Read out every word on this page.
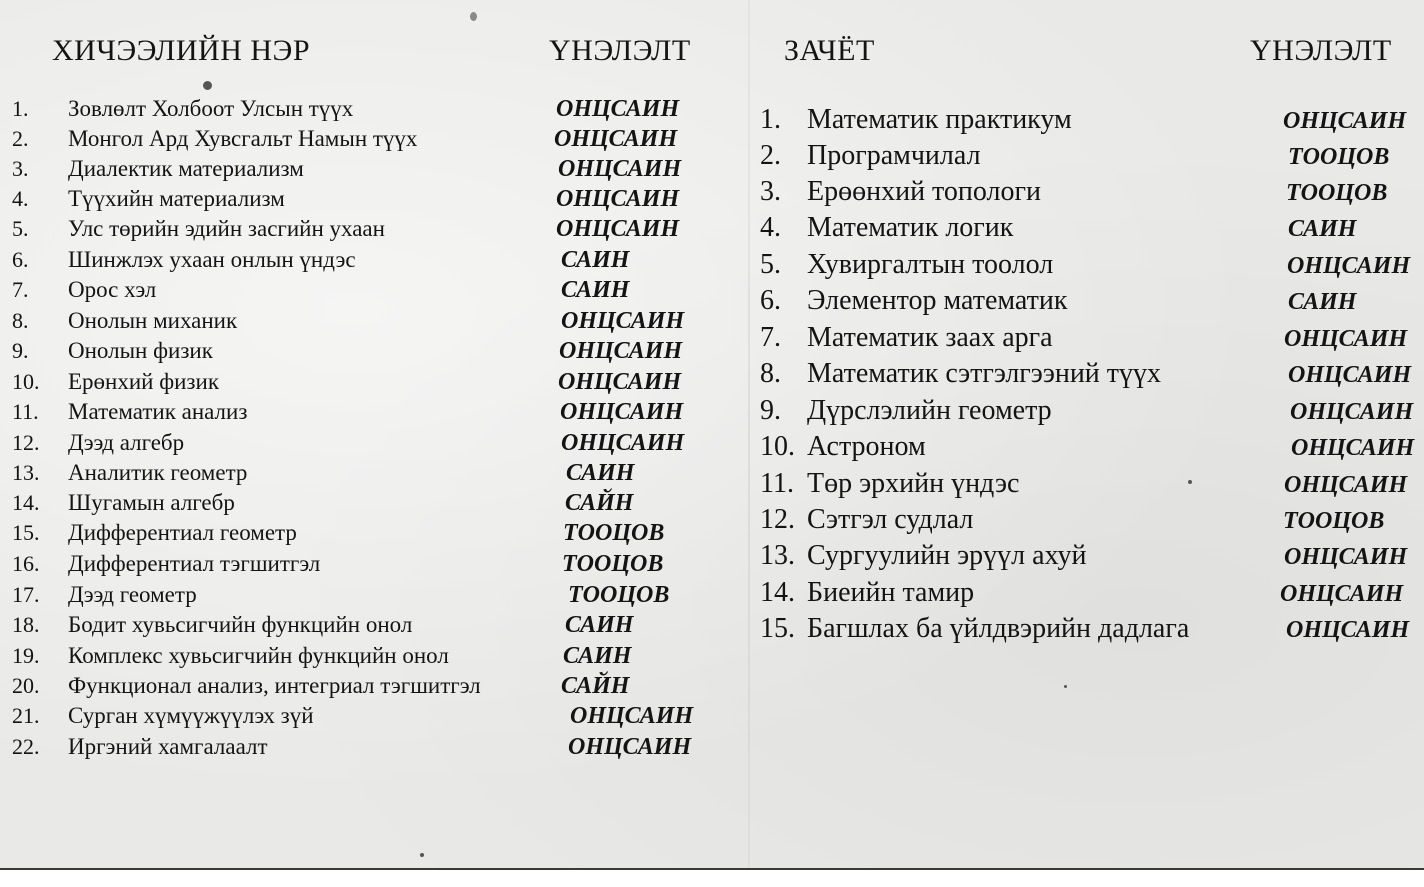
ХИЧЭЭЛИЙН НЭР	ҮНЭЛЭЛТ	ЗАЧЁТ	ҮНЭЛЭЛТ
1. Зовлөлт Холбоот Улсын түүх	ОНЦСАИН
2. Монгол Ард Хувсгальт Намын түүх	ОНЦСАИН
3. Диалектик материализм	ОНЦСАИН
4. Түүхийн материализм	ОНЦСАИН
5. Улс төрийн эдийн засгийн ухаан	ОНЦСАИН
6. Шинжлэх ухаан онлын үндэс	САИН
7. Орос хэл	САИН
8. Онолын миханик	ОНЦСАИН
9. Онолын физик	ОНЦСАИН
10. Ерөнхий физик	ОНЦСАИН
11. Математик анализ	ОНЦСАИН
12. Дээд алгебр	ОНЦСАИН
13. Аналитик геометр	САИН
14. Шугамын алгебр	САЙН
15. Дифферентиал геометр	ТООЦОВ
16. Дифферентиал тэгшитгэл	ТООЦОВ
17. Дээд геометр	ТООЦОВ
18. Бодит хувьсигчийн функцийн онол	САИН
19. Комплекс хувьсигчийн функцийн онол	САИН
20. Функционал анализ, интегриал тэгшитгэл	САЙН
21. Сурган хүмүүжүүлэх зүй	ОНЦСАИН
22. Иргэний хамгалаалт	ОНЦСАИН
1. Математик практикум	ОНЦСАИН
2. Програмчилал	ТООЦОВ
3. Ерөөнхий топологи	ТООЦОВ
4. Математик логик	САИН
5. Хувиргалтын тоолол	ОНЦСАИН
6. Элементор математик	САИН
7. Математик заах арга	ОНЦСАИН
8. Математик сэтгэлгээний түүх	ОНЦСАИН
9. Дүрслэлийн геометр	ОНЦСАИН
10. Астроном	ОНЦСАИН
11. Төр эрхийн үндэс	ОНЦСАИН
12. Сэтгэл судлал	ТООЦОВ
13. Сургуулийн эрүүл ахуй	ОНЦСАИН
14. Биеийн тамир	ОНЦСАИН
15. Багшлах ба үйлдвэрийн дадлага	ОНЦСАИН
